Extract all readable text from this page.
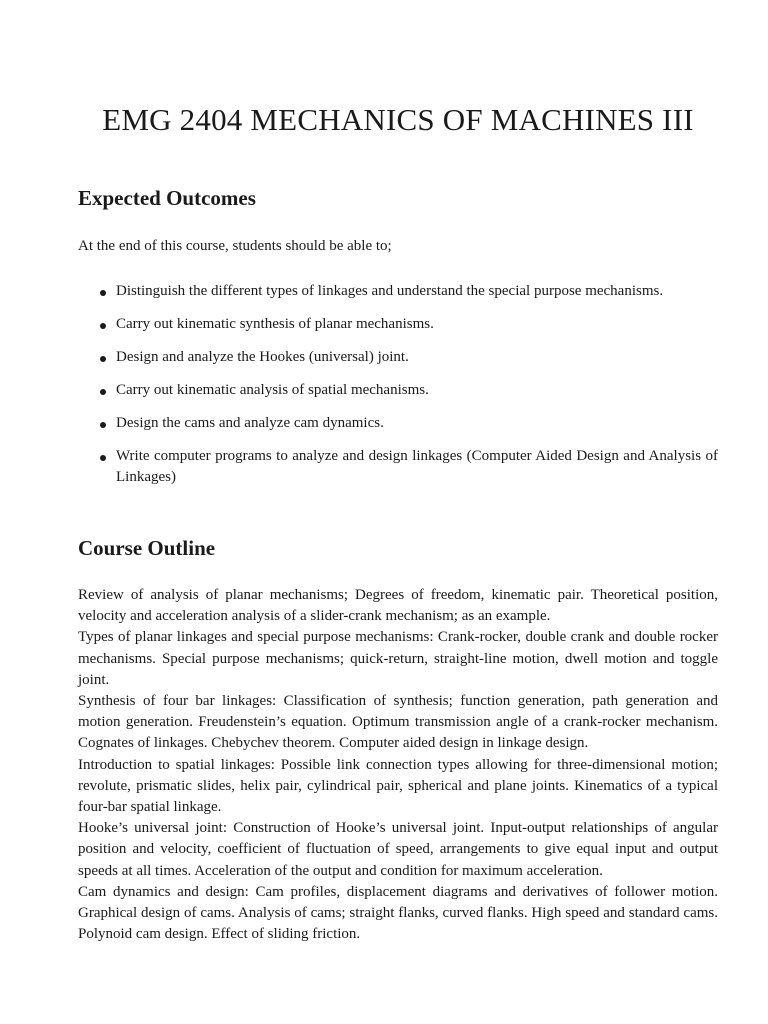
EMG 2404 MECHANICS OF MACHINES III
Expected Outcomes

At the end of this course, students should be able to;

Distinguish the different types of linkages and understand the special purpose mechanisms.
Carry out kinematic synthesis of planar mechanisms.
Design and analyze the Hookes (universal) joint.
Carry out kinematic analysis of spatial mechanisms.
Design the cams and analyze cam dynamics.
Write computer programs to analyze and design linkages (Computer Aided Design and Analysis of Linkages)
Course Outline

Review of analysis of planar mechanisms; Degrees of freedom, kinematic pair. Theoretical position, velocity and acceleration analysis of a slider-crank mechanism; as an example.

Types of planar linkages and special purpose mechanisms: Crank-rocker, double crank and double rocker mechanisms. Special purpose mechanisms; quick-return, straight-line motion, dwell motion and toggle joint.

Synthesis of four bar linkages: Classification of synthesis; function generation, path generation and motion generation. Freudenstein’s equation. Optimum transmission angle of a crank-rocker mechanism. Cognates of linkages. Chebychev theorem. Computer aided design in linkage design.

Introduction to spatial linkages: Possible link connection types allowing for three-dimensional motion; revolute, prismatic slides, helix pair, cylindrical pair, spherical and plane joints. Kinematics of a typical four-bar spatial linkage.

Hooke’s universal joint: Construction of Hooke’s universal joint. Input-output relationships of angular position and velocity, coefficient of fluctuation of speed, arrangements to give equal input and output speeds at all times. Acceleration of the output and condition for maximum acceleration.

Cam dynamics and design: Cam profiles, displacement diagrams and derivatives of follower motion. Graphical design of cams. Analysis of cams; straight flanks, curved flanks. High speed and standard cams. Polynoid cam design. Effect of sliding friction.
